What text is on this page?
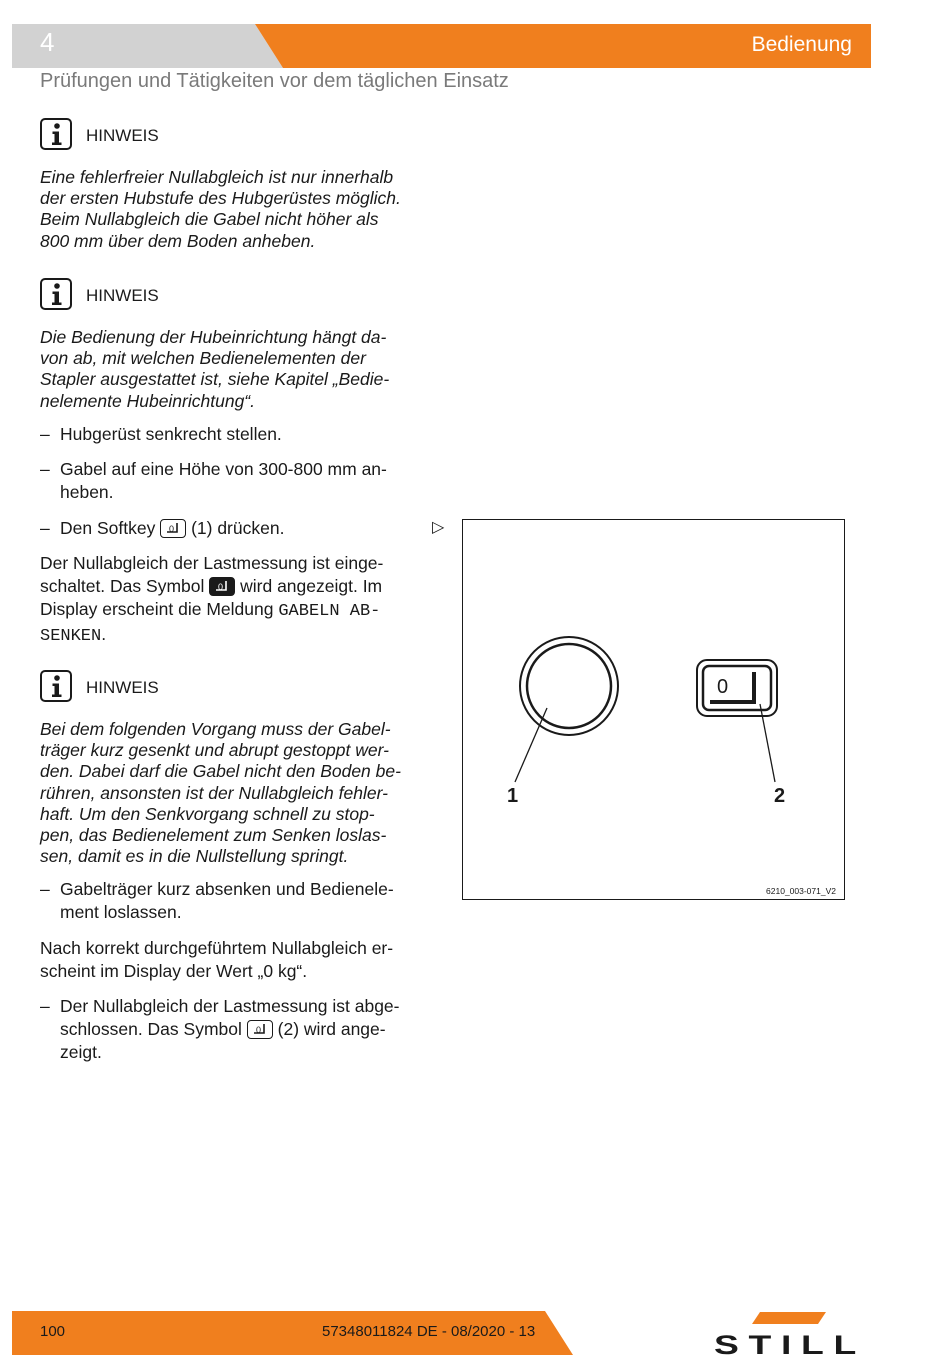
4	Bedienung
Prüfungen und Tätigkeiten vor dem täglichen Einsatz
HINWEIS
Eine fehlerfreier Nullabgleich ist nur innerhalb
der ersten Hubstufe des Hubgerüstes möglich.
Beim Nullabgleich die Gabel nicht höher als
800 mm über dem Boden anheben.
HINWEIS
Die Bedienung der Hubeinrichtung hängt da-
von ab, mit welchen Bedienelementen der
Stapler ausgestattet ist, siehe Kapitel „Bedie-
nelemente Hubeinrichtung“.
– Hubgerüst senkrecht stellen.
– Gabel auf eine Höhe von 300-800 mm an-
heben.
– Den Softkey 0 (1) drücken.
Der Nullabgleich der Lastmessung ist einge-
schaltet. Das Symbol 0 wird angezeigt. Im
Display erscheint die Meldung GABELN AB-
SENKEN.
HINWEIS
Bei dem folgenden Vorgang muss der Gabel-
träger kurz gesenkt und abrupt gestoppt wer-
den. Dabei darf die Gabel nicht den Boden be-
rühren, ansonsten ist der Nullabgleich fehler-
haft. Um den Senkvorgang schnell zu stop-
pen, das Bedienelement zum Senken loslas-
sen, damit es in die Nullstellung springt.
– Gabelträger kurz absenken und Bedienele-
ment loslassen.
Nach korrekt durchgeführtem Nullabgleich er-
scheint im Display der Wert „0 kg“.
– Der Nullabgleich der Lastmessung ist abge-
schlossen. Das Symbol 0 (2) wird ange-
zeigt.
▷
0
1	2
6210_003-071_V2
100	57348011824 DE - 08/2020 - 13	STILL
